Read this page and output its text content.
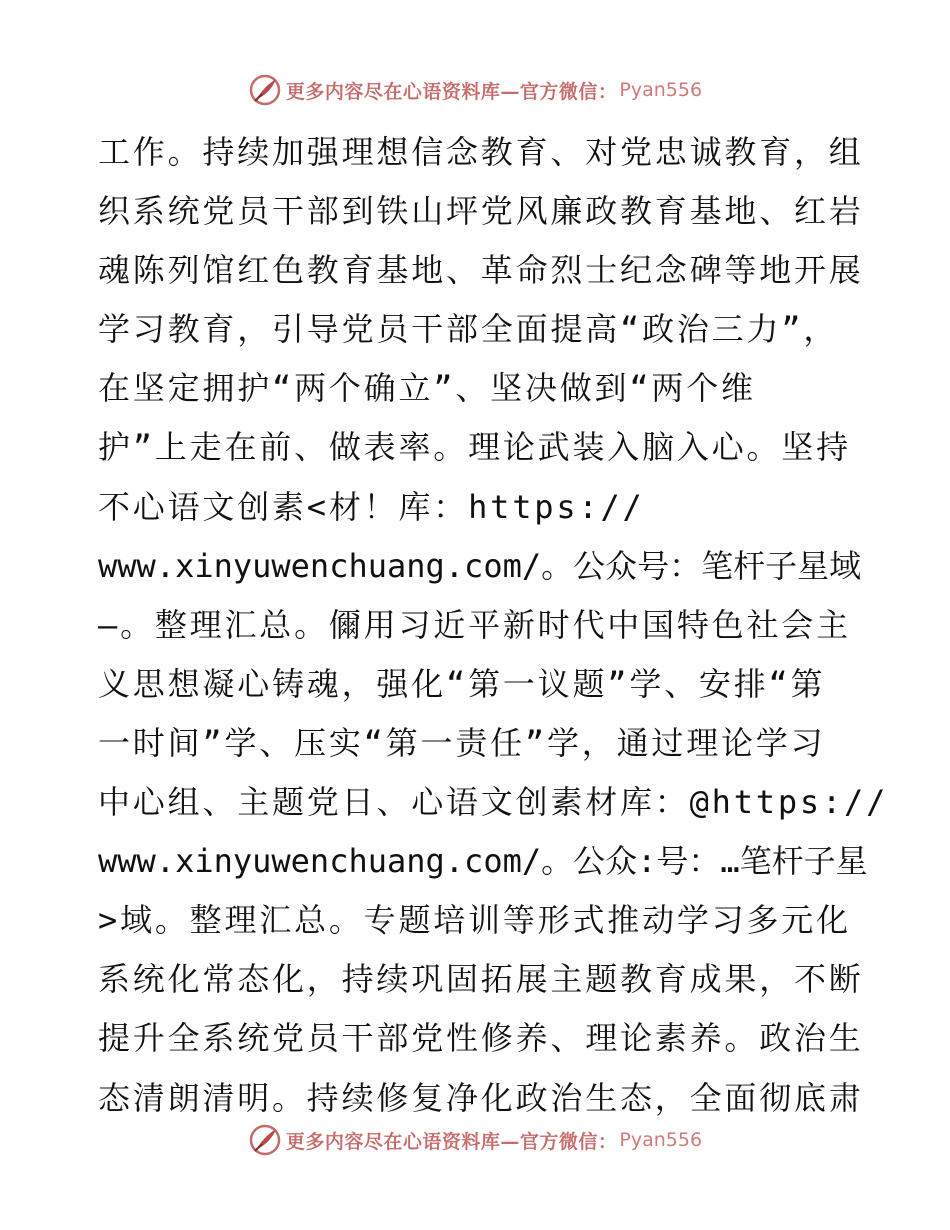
更多内容尽在心语资料库—官方微信： Pyan556
工作。持续加强理想信念教育、对党忠诚教育，组
织系统党员干部到铁山坪党风廉政教育基地、红岩
魂陈列馆红色教育基地、革命烈士纪念碑等地开展
学习教育，引导党员干部全面提高“政治三力”，
在坚定拥护“两个确立”、坚决做到“两个维
护”上走在前、做表率。理论武装入脑入心。坚持
不心语文创素<材！库：https://
www.xinyuwenchuang.com/。公众号：笔杆子星域
—。整理汇总。儞用习近平新时代中国特色社会主
义思想凝心铸魂，强化“第一议题”学、安排“第
一时间”学、压实“第一责任”学，通过理论学习
中心组、主题党日、心语文创素材库：@https://
www.xinyuwenchuang.com/。公众:号：…笔杆子星
>域。整理汇总。专题培训等形式推动学习多元化
系统化常态化，持续巩固拓展主题教育成果，不断
提升全系统党员干部党性修养、理论素养。政治生
态清朗清明。持续修复净化政治生态，全面彻底肃
更多内容尽在心语资料库—官方微信： Pyan556
